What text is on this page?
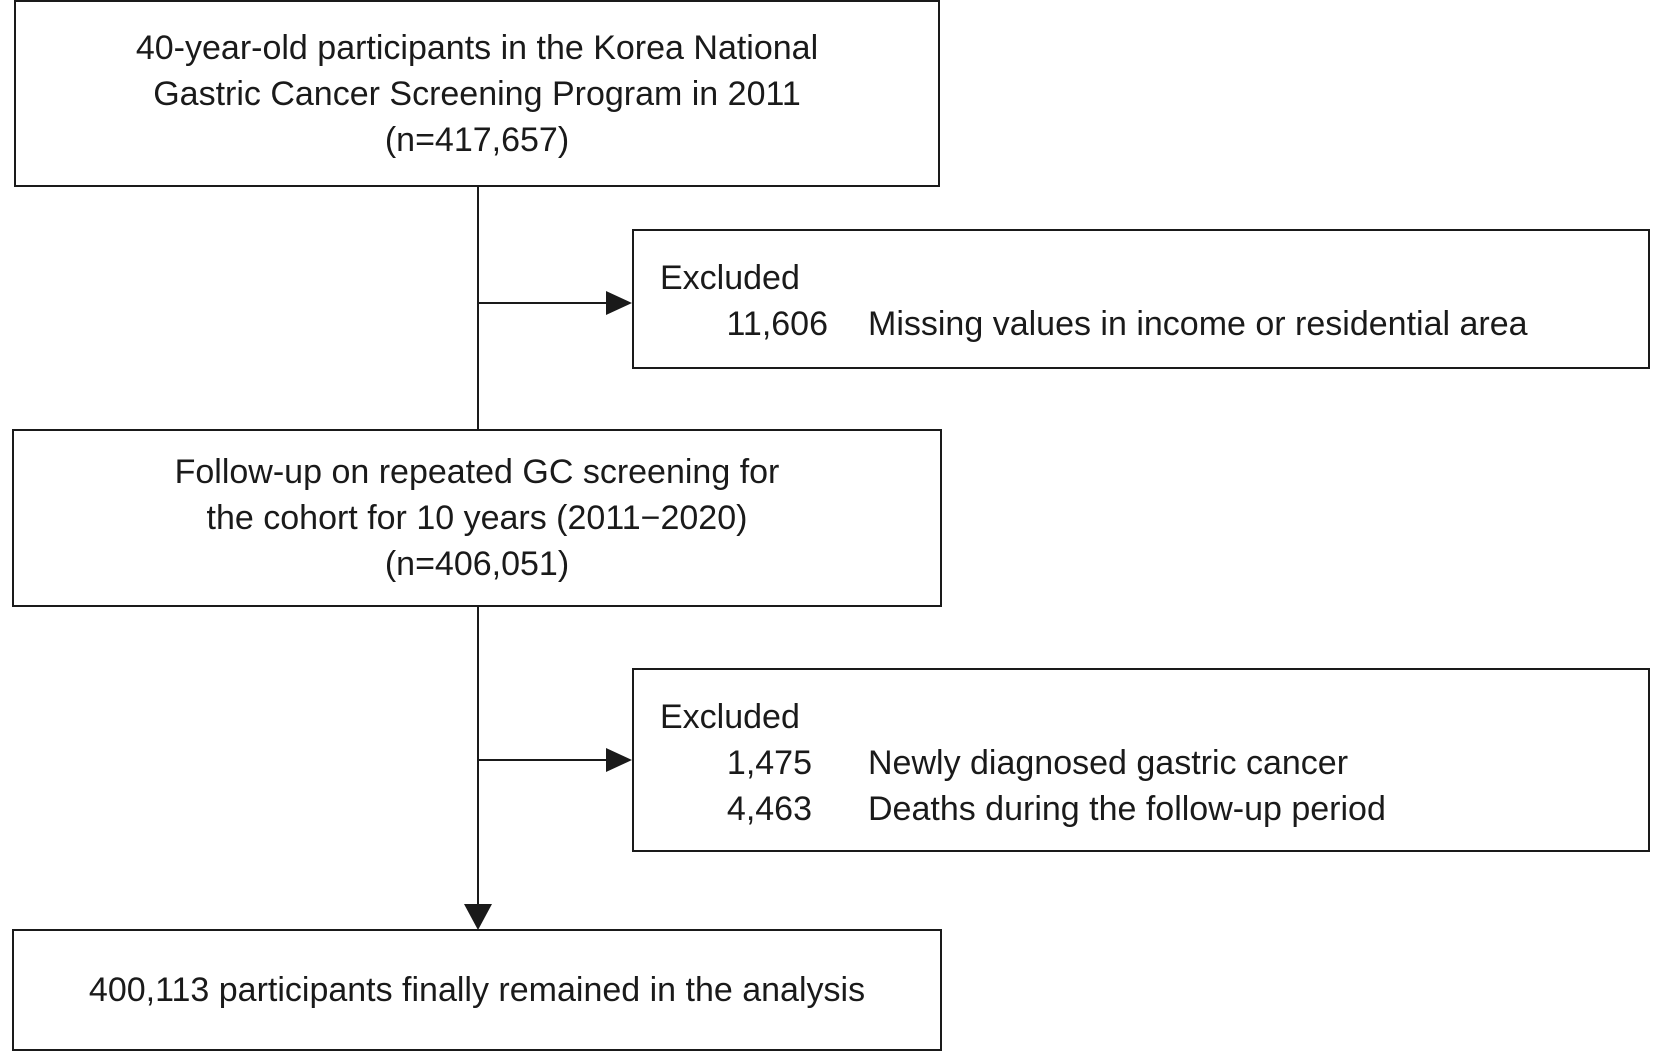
40-year-old participants in the Korea National
Gastric Cancer Screening Program in 2011
(n=417,657)
Excluded
11,606 Missing values in income or residential area
Follow-up on repeated GC screening for
the cohort for 10 years (2011−2020)
(n=406,051)
Excluded
1,475 Newly diagnosed gastric cancer
4,463 Deaths during the follow-up period
400,113 participants finally remained in the analysis
